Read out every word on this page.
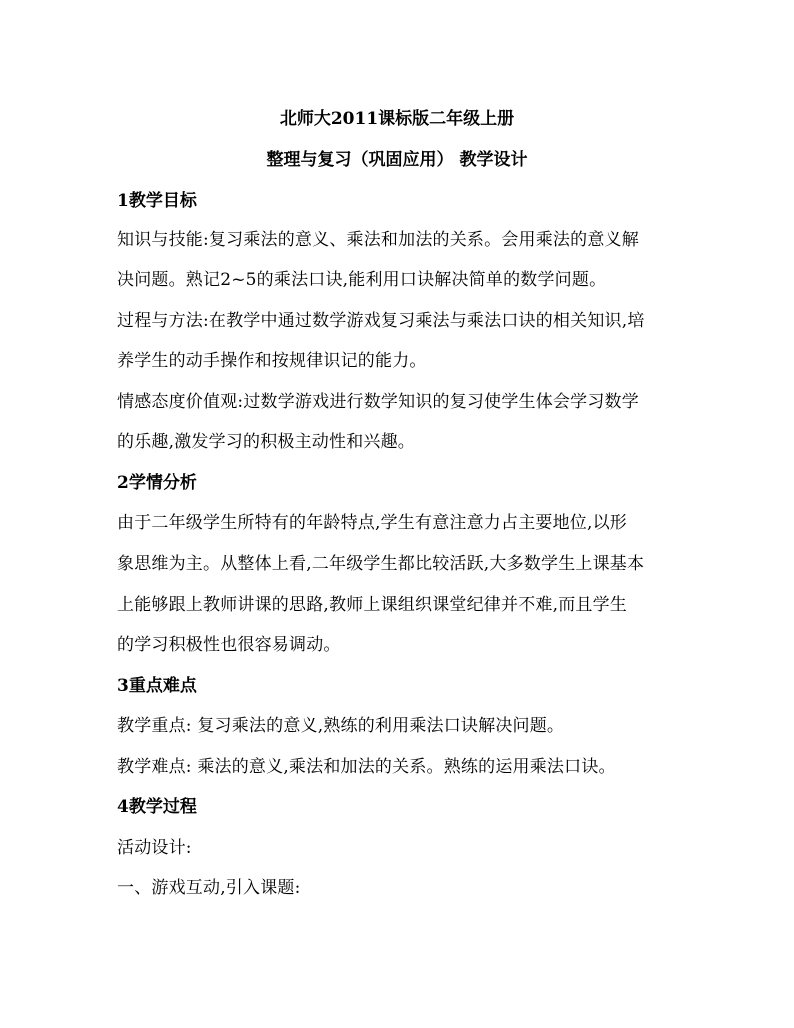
北师大2011课标版二年级上册
整理与复习（巩固应用） 教学设计
1教学目标
知识与技能:复习乘法的意义、乘法和加法的关系。会用乘法的意义解
决问题。熟记2~5的乘法口诀,能利用口诀解决简单的数学问题。
过程与方法:在教学中通过数学游戏复习乘法与乘法口诀的相关知识,培
养学生的动手操作和按规律识记的能力。
情感态度价值观:过数学游戏进行数学知识的复习使学生体会学习数学
的乐趣,激发学习的积极主动性和兴趣。
2学情分析
由于二年级学生所特有的年龄特点,学生有意注意力占主要地位,以形
象思维为主。从整体上看,二年级学生都比较活跃,大多数学生上课基本
上能够跟上教师讲课的思路,教师上课组织课堂纪律并不难,而且学生
的学习积极性也很容易调动。
3重点难点
教学重点: 复习乘法的意义,熟练的利用乘法口诀解决问题。
教学难点: 乘法的意义,乘法和加法的关系。熟练的运用乘法口诀。
4教学过程
活动设计:
一、游戏互动,引入课题:
